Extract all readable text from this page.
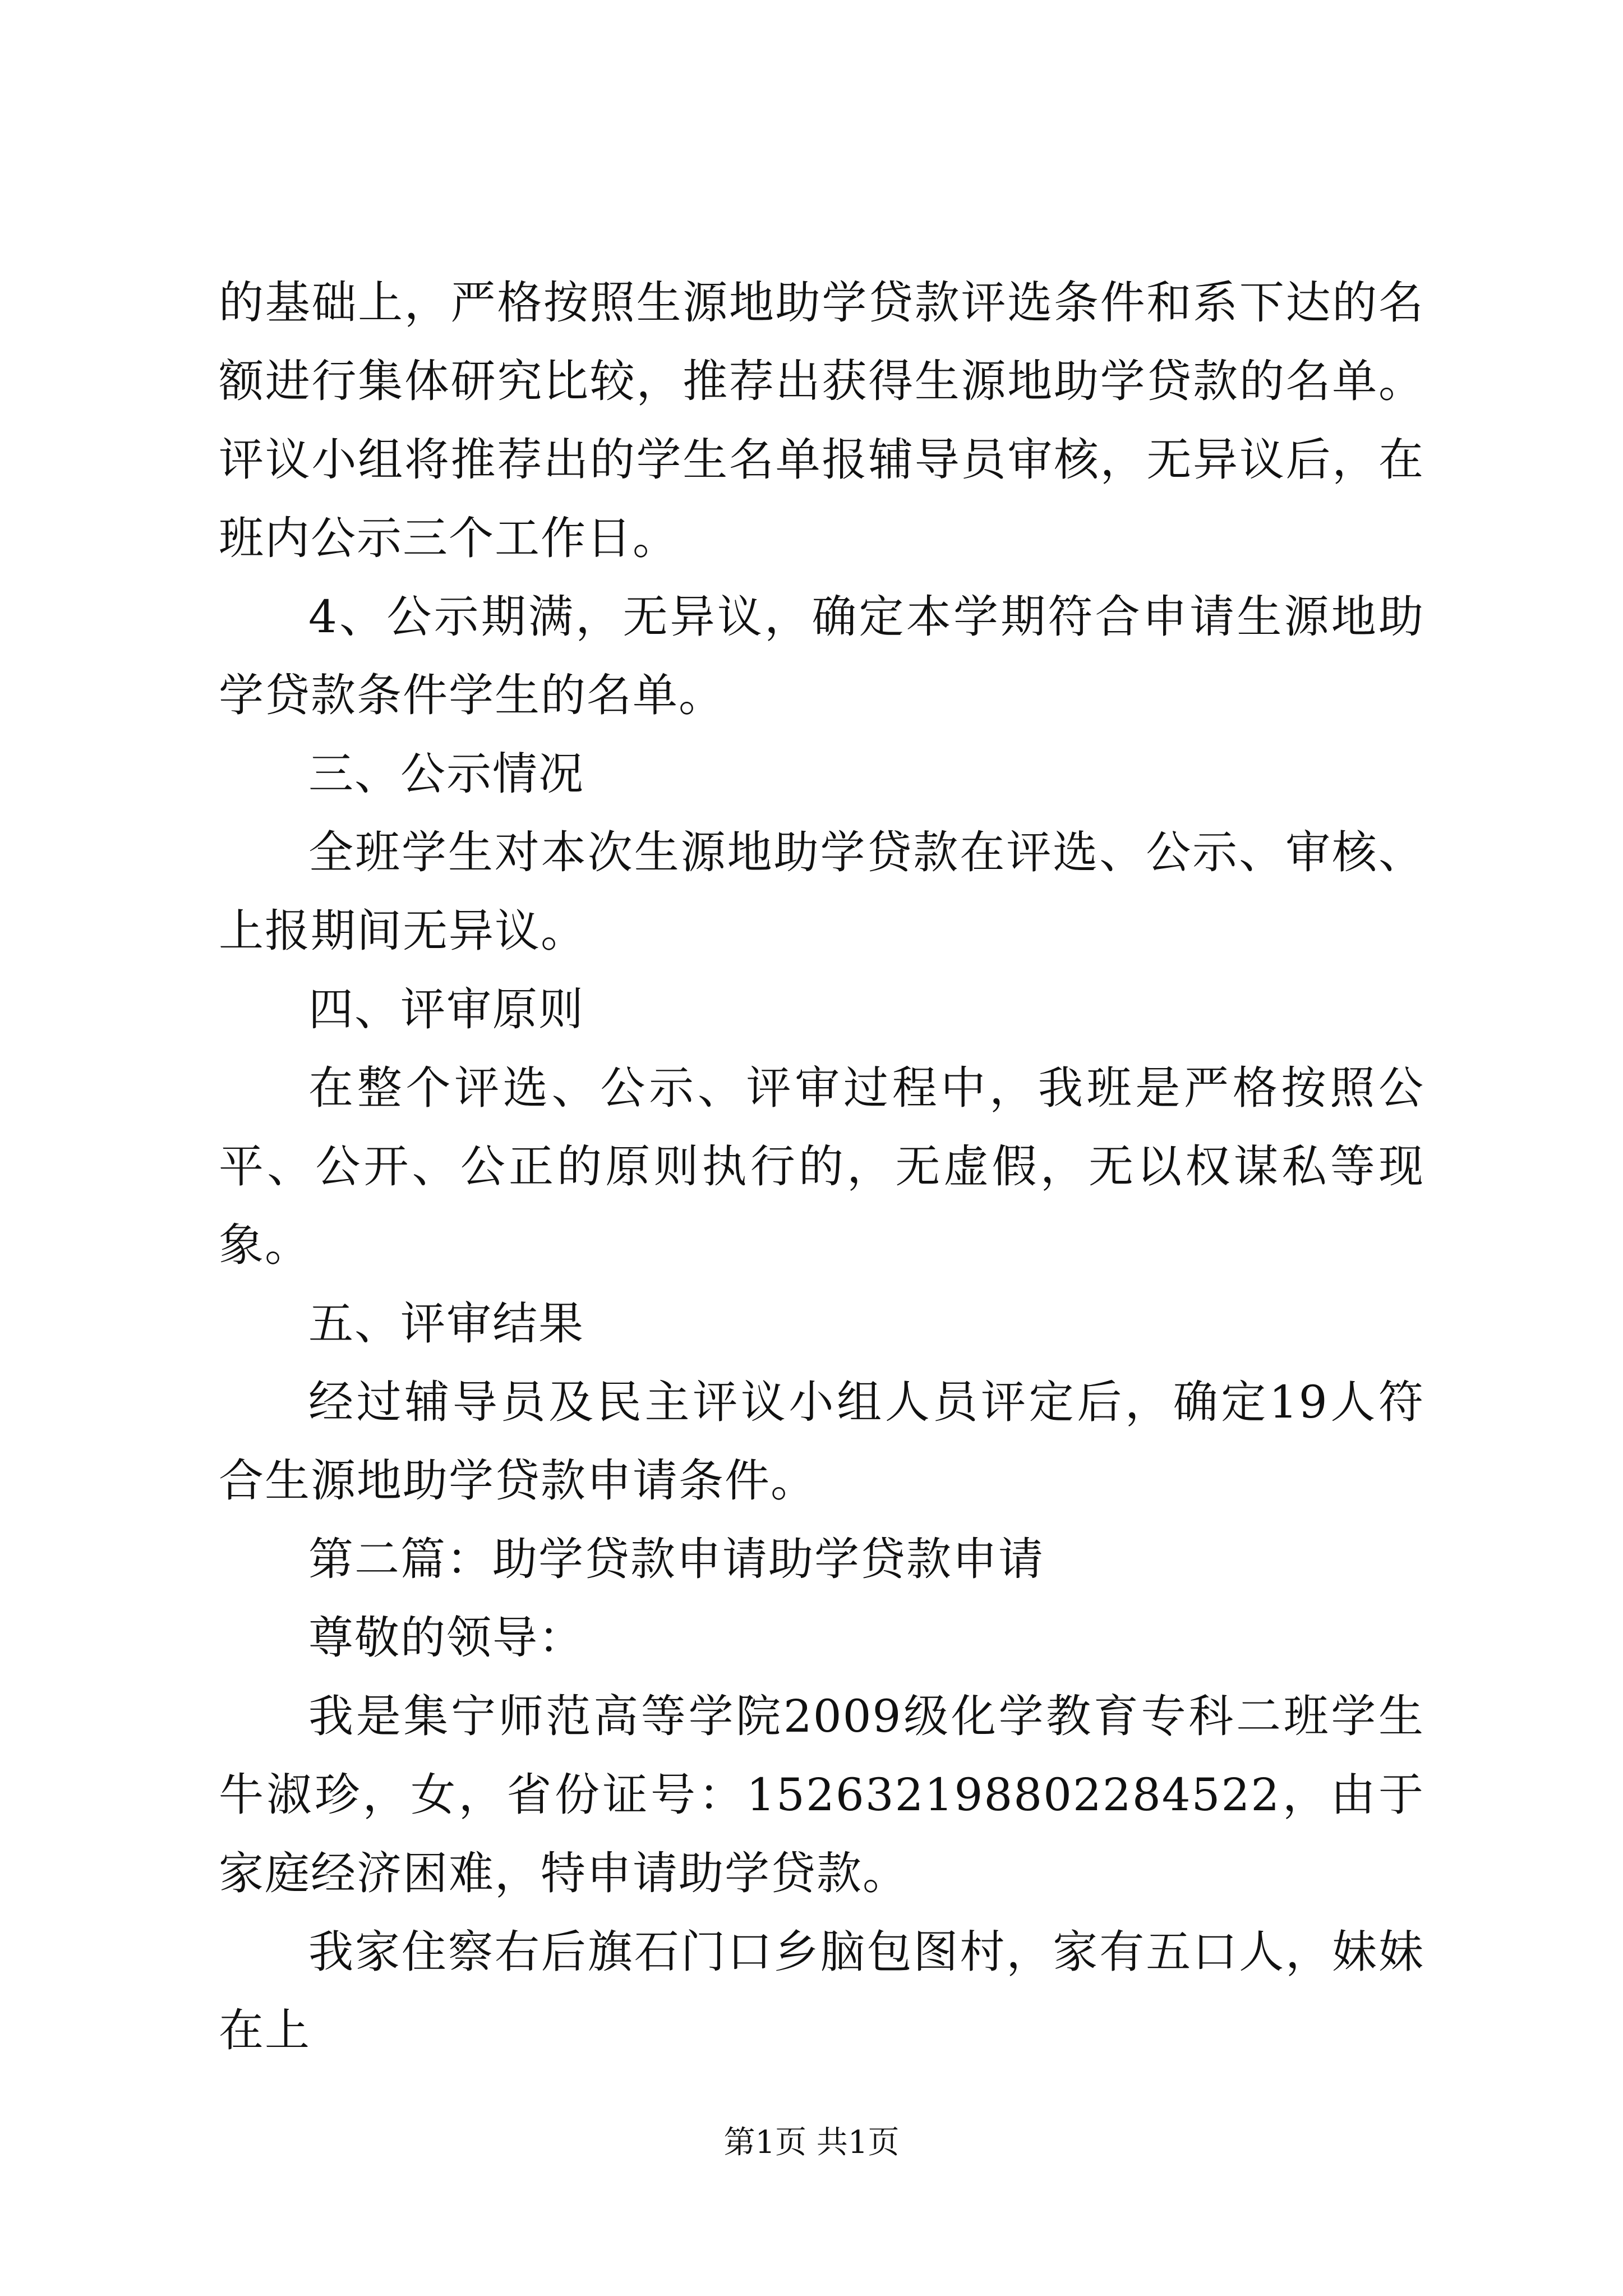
的基础上，严格按照生源地助学贷款评选条件和系下达的名额进行集体研究比较，推荐出获得生源地助学贷款的名单。评议小组将推荐出的学生名单报辅导员审核，无异议后，在班内公示三个工作日。

4、公示期满，无异议，确定本学期符合申请生源地助学贷款条件学生的名单。

三、公示情况

全班学生对本次生源地助学贷款在评选、公示、审核、上报期间无异议。

四、评审原则

在整个评选、公示、评审过程中，我班是严格按照公平、公开、公正的原则执行的，无虚假，无以权谋私等现象。

五、评审结果

经过辅导员及民主评议小组人员评定后，确定19人符合生源地助学贷款申请条件。

第二篇：助学贷款申请助学贷款申请

尊敬的领导：

我是集宁师范高等学院2009级化学教育专科二班学生牛淑珍，女，省份证号：152632198802284522，由于家庭经济困难，特申请助学贷款。

我家住察右后旗石门口乡脑包图村，家有五口人，妹妹在上

第1页 共1页
